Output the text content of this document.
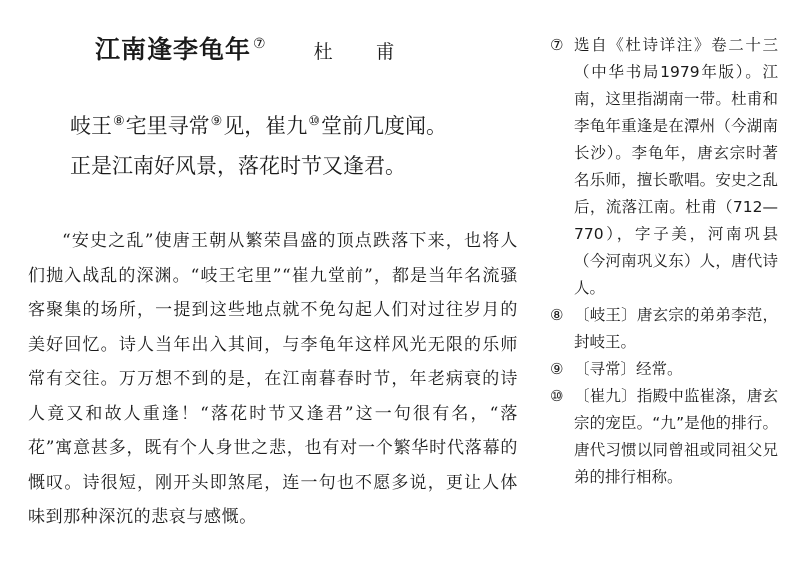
江南逢李龟年 ⑦	杜　甫
岐王⑧宅里寻常⑨见，崔九⑩堂前几度闻。
正是江南好风景，落花时节又逢君。

“安史之乱”使唐王朝从繁荣昌盛的顶点跌落下来，也将人们抛入战乱的深渊。“岐王宅里”“崔九堂前”，都是当年名流骚客聚集的场所，一提到这些地点就不免勾起人们对过往岁月的美好回忆。诗人当年出入其间，与李龟年这样风光无限的乐师常有交往。万万想不到的是，在江南暮春时节，年老病衰的诗人竟又和故人重逢！“落花时节又逢君”这一句很有名，“落花”寓意甚多，既有个人身世之悲，也有对一个繁华时代落幕的慨叹。诗很短，刚开头即煞尾，连一句也不愿多说，更让人体味到那种深沉的悲哀与感慨。

⑦ 选自《杜诗详注》卷二十三（中华书局1979年版）。江南，这里指湖南一带。杜甫和李龟年重逢是在潭州（今湖南长沙）。李龟年，唐玄宗时著名乐师，擅长歌唱。安史之乱后，流落江南。杜甫（712—770），字子美，河南巩县（今河南巩义东）人，唐代诗人。
⑧ 〔岐王〕唐玄宗的弟弟李范，封岐王。
⑨ 〔寻常〕经常。
⑩ 〔崔九〕指殿中监崔涤，唐玄宗的宠臣。“九”是他的排行。唐代习惯以同曾祖或同祖父兄弟的排行相称。
